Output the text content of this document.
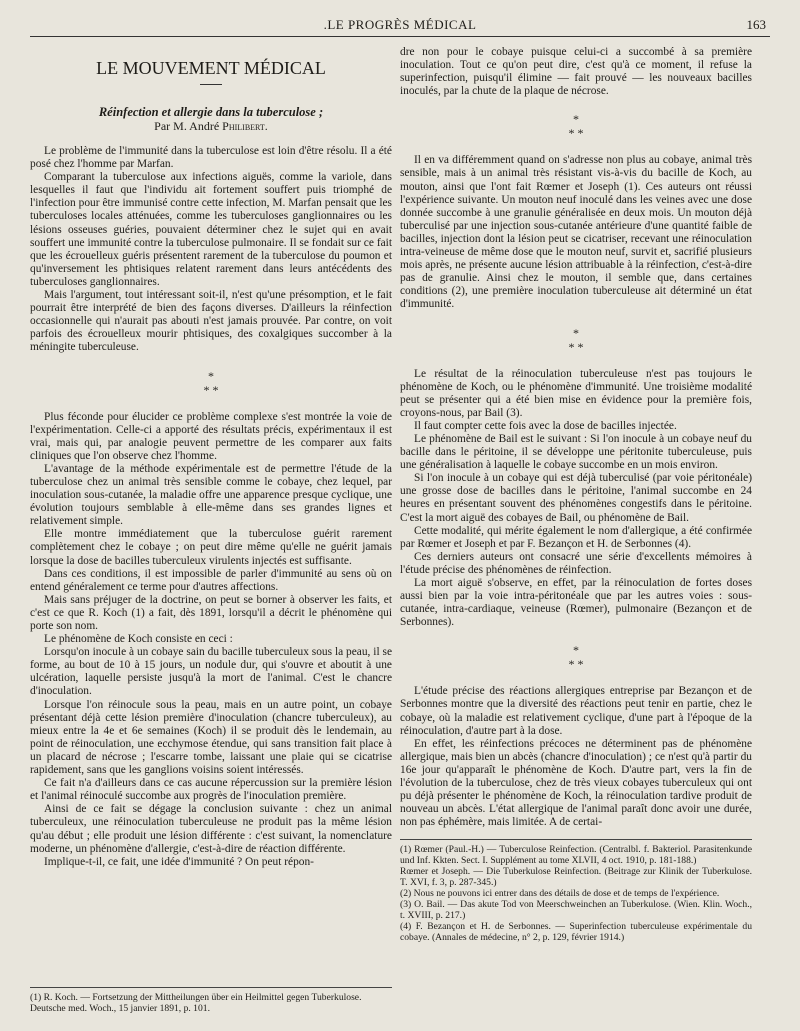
.LE PROGRÈS MÉDICAL	163
LE MOUVEMENT MÉDICAL
Réinfection et allergie dans la tuberculose ;
Par M. André Philibert.

Le problème de l'immunité dans la tuberculose est loin d'être résolu. Il a été posé chez l'homme par Marfan.

Comparant la tuberculose aux infections aiguës, comme la variole, dans lesquelles il faut que l'individu ait fortement souffert puis triomphé de l'infection pour être immunisé contre cette infection, M. Marfan pensait que les tuberculoses locales atténuées, comme les tuberculoses ganglionnaires ou les lésions osseuses guéries, pouvaient déterminer chez le sujet qui en avait souffert une immunité contre la tuberculose pulmonaire. Il se fondait sur ce fait que les écrouelleux guéris présentent rarement de la tuberculose du poumon et qu'inversement les phtisiques relatent rarement dans leurs antécédents des tuberculoses ganglionnaires.

Mais l'argument, tout intéressant soit-il, n'est qu'une présomption, et le fait pourrait être interprété de bien des façons diverses. D'ailleurs la réinfection occasionnelle qui n'aurait pas abouti n'est jamais prouvée. Par contre, on voit parfois des écrouelleux mourir phtisiques, des coxalgiques succomber à la méningite tuberculeuse.

*
* *

Plus féconde pour élucider ce problème complexe s'est montrée la voie de l'expérimentation. Celle-ci a apporté des résultats précis, expérimentaux il est vrai, mais qui, par analogie peuvent permettre de les comparer aux faits cliniques que l'on observe chez l'homme.

L'avantage de la méthode expérimentale est de permettre l'étude de la tuberculose chez un animal très sensible comme le cobaye, chez lequel, par inoculation sous-cutanée, la maladie offre une apparence presque cyclique, une évolution toujours semblable à elle-même dans ses grandes lignes et relativement simple.

Elle montre immédiatement que la tuberculose guérit rarement complètement chez le cobaye ; on peut dire même qu'elle ne guérit jamais lorsque la dose de bacilles tuberculeux virulents injectés est suffisante.

Dans ces conditions, il est impossible de parler d'immunité au sens où on entend généralement ce terme pour d'autres affections.

Mais sans préjuger de la doctrine, on peut se borner à observer les faits, et c'est ce que R. Koch (1) a fait, dès 1891, lorsqu'il a décrit le phénomène qui porte son nom.

Le phénomène de Koch consiste en ceci :

Lorsqu'on inocule à un cobaye sain du bacille tuberculeux sous la peau, il se forme, au bout de 10 à 15 jours, un nodule dur, qui s'ouvre et aboutit à une ulcération, laquelle persiste jusqu'à la mort de l'animal. C'est le chancre d'inoculation.

Lorsque l'on réinocule sous la peau, mais en un autre point, un cobaye présentant déjà cette lésion première d'inoculation (chancre tuberculeux), au mieux entre la 4e et 6e semaines (Koch) il se produit dès le lendemain, au point de réinoculation, une ecchymose étendue, qui sans transition fait place à un placard de nécrose ; l'escarre tombe, laissant une plaie qui se cicatrise rapidement, sans que les ganglions voisins soient intéressés.

Ce fait n'a d'ailleurs dans ce cas aucune répercussion sur la première lésion et l'animal réinoculé succombe aux progrès de l'inoculation première.

Ainsi de ce fait se dégage la conclusion suivante : chez un animal tuberculeux, une réinoculation tuberculeuse ne produit pas la même lésion qu'au début ; elle produit une lésion différente : c'est suivant, la nomenclature moderne, un phénomène d'allergie, c'est-à-dire de réaction différente.

Implique-t-il, ce fait, une idée d'immunité ? On peut répon-

(1) R. Koch. — Fortsetzung der Mittheilungen über ein Heilmittel gegen Tuberkulose. Deutsche med. Woch., 15 janvier 1891, p. 101.

dre non pour le cobaye puisque celui-ci a succombé à sa première inoculation. Tout ce qu'on peut dire, c'est qu'à ce moment, il refuse la superinfection, puisqu'il élimine — fait prouvé — les nouveaux bacilles inoculés, par la chute de la plaque de nécrose.

*
* *

Il en va différemment quand on s'adresse non plus au cobaye, animal très sensible, mais à un animal très résistant vis-à-vis du bacille de Koch, au mouton, ainsi que l'ont fait Rœmer et Joseph (1). Ces auteurs ont réussi l'expérience suivante. Un mouton neuf inoculé dans les veines avec une dose donnée succombe à une granulie généralisée en deux mois. Un mouton déjà tuberculisé par une injection sous-cutanée antérieure d'une quantité faible de bacilles, injection dont la lésion peut se cicatriser, recevant une réinoculation intra-veineuse de même dose que le mouton neuf, survit et, sacrifié plusieurs mois après, ne présente aucune lésion attribuable à la réinfection, c'est-à-dire pas de granulie. Ainsi chez le mouton, il semble que, dans certaines conditions (2), une première inoculation tuberculeuse ait déterminé un état d'immunité.

*
* *

Le résultat de la réinoculation tuberculeuse n'est pas toujours le phénomène de Koch, ou le phénomène d'immunité. Une troisième modalité peut se présenter qui a été bien mise en évidence pour la première fois, croyons-nous, par Bail (3).

Il faut compter cette fois avec la dose de bacilles injectée.

Le phénomène de Bail est le suivant : Si l'on inocule à un cobaye neuf du bacille dans le péritoine, il se développe une péritonite tuberculeuse, puis une généralisation à laquelle le cobaye succombe en un mois environ.

Si l'on inocule à un cobaye qui est déjà tuberculisé (par voie péritonéale) une grosse dose de bacilles dans le péritoine, l'animal succombe en 24 heures en présentant souvent des phénomènes congestifs dans le péritoine. C'est la mort aiguë des cobayes de Bail, ou phénomène de Bail.

Cette modalité, qui mérite également le nom d'allergique, a été confirmée par Rœmer et Joseph et par F. Bezançon et H. de Serbonnes (4).

Ces derniers auteurs ont consacré une série d'excellents mémoires à l'étude précise des phénomènes de réinfection.

La mort aiguë s'observe, en effet, par la réinoculation de fortes doses aussi bien par la voie intra-péritonéale que par les autres voies : sous-cutanée, intra-cardiaque, veineuse (Rœmer), pulmonaire (Bezançon et de Serbonnes).

*
* *

L'étude précise des réactions allergiques entreprise par Bezançon et de Serbonnes montre que la diversité des réactions peut tenir en partie, chez le cobaye, où la maladie est relativement cyclique, d'une part à l'époque de la réinoculation, d'autre part à la dose.

En effet, les réinfections précoces ne déterminent pas de phénomène allergique, mais bien un abcès (chancre d'inoculation) ; ce n'est qu'à partir du 16e jour qu'apparaît le phénomène de Koch. D'autre part, vers la fin de l'évolution de la tuberculose, chez de très vieux cobayes tuberculeux qui ont pu déjà présenter le phénomène de Koch, la réinoculation tardive produit de nouveau un abcès. L'état allergique de l'animal paraît donc avoir une durée, non pas éphémère, mais limitée. A de certai-

(1) Rœmer (Paul.-H.) — Tuberculose Reinfection. (Centralbl. f. Bakteriol. Parasitenkunde und Inf. Kkten. Sect. I. Supplément au tome XLVII, 4 oct. 1910, p. 181-188.)

Rœmer et Joseph. — Die Tuberkulose Reinfection. (Beitrage zur Klinik der Tuberkulose. T. XVI, f. 3, p. 287-345.)

(2) Nous ne pouvons ici entrer dans des détails de dose et de temps de l'expérience.

(3) O. Bail. — Das akute Tod von Meerschweinchen an Tuberkulose. (Wien. Klin. Woch., t. XVIII, p. 217.)

(4) F. Bezançon et H. de Serbonnes. — Superinfection tuberculeuse expérimentale du cobaye. (Annales de médecine, n° 2, p. 129, février 1914.)
